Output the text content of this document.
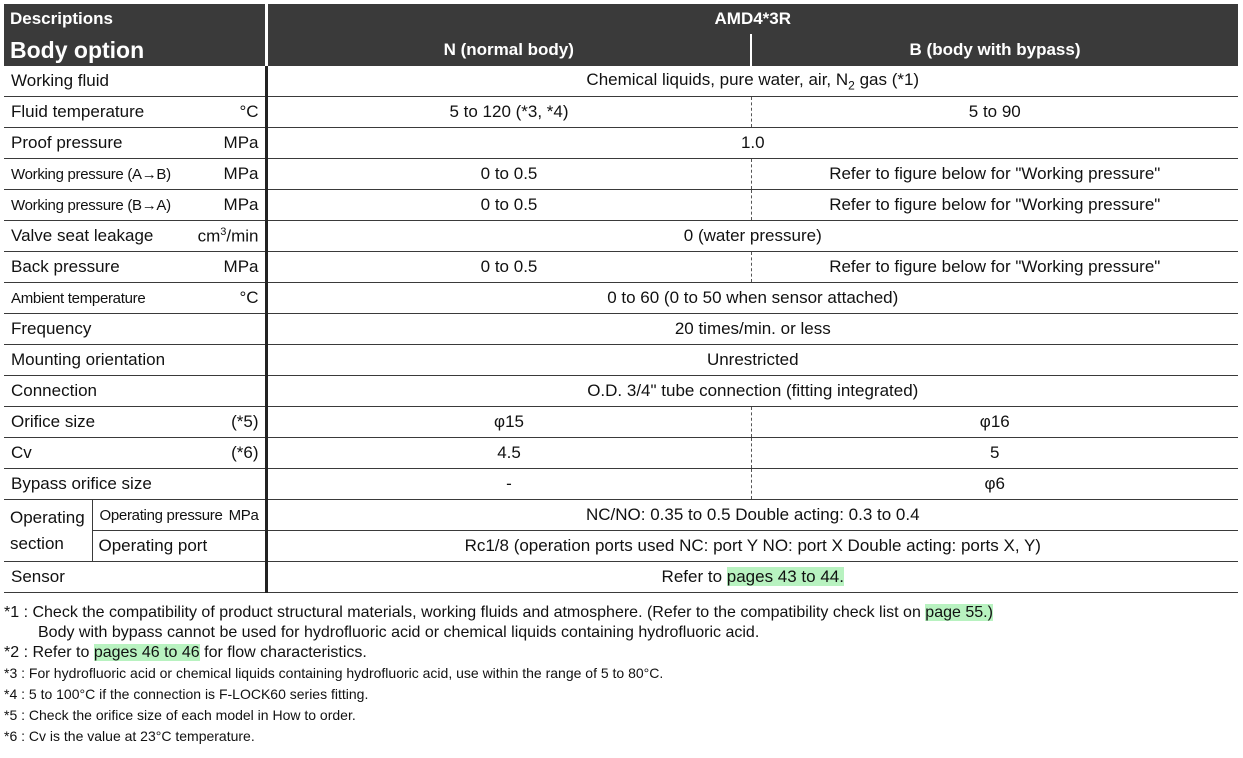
Descriptions		AMD4*3R	
Body option		N (normal body)	B (body with bypass)

Working fluid		Chemical liquids, pure water, air, $N_2$ gas (*1)	

Fluid temperature °C		5 to 120 (*3, *4)	5 to 90

Proof pressure MPa		1.0	

Working pressure (A→B) MPa		0 to 0.5	Refer to figure below for "Working pressure"

Working pressure (B→A) MPa		0 to 0.5	Refer to figure below for "Working pressure"

Valve seat leakage $cm^3/\min$		0 (water pressure)	

Back pressure MPa		0 to 0.5	Refer to figure below for "Working pressure"

Ambient temperature °C		0 to 60 (0 to 50 when sensor attached)	

Frequency		20 times/min. or less	

Mounting orientation		Unrestricted	

Connection		O.D. 3/4" tube connection (fitting integrated)	

Orifice size (*5)		φ15	φ16

Cv (*6)		4.5	5

Bypass orifice size		-	φ6
Operating
section	Operating pressure MPa	NC/NO: 0.35 to 0.5 Double acting: 0.3 to 0.4	
	Operating port	Rc1/8 (operation ports used NC: port Y NO: port X Double acting: ports X, Y)	

Sensor		Refer to pages 43 to 44.	
*1 : Check the compatibility of product structural materials, working fluids and atmosphere. (Refer to the compatibility check list on page 55.)
Body with bypass cannot be used for hydrofluoric acid or chemical liquids containing hydrofluoric acid.
*2 : Refer to pages 46 to 46 for flow characteristics.
*3 : For hydrofluoric acid or chemical liquids containing hydrofluoric acid, use within the range of 5 to 80°C.
*4 : 5 to 100°C if the connection is F-LOCK60 series fitting.
*5 : Check the orifice size of each model in How to order.
*6 : Cv is the value at 23°C temperature.
